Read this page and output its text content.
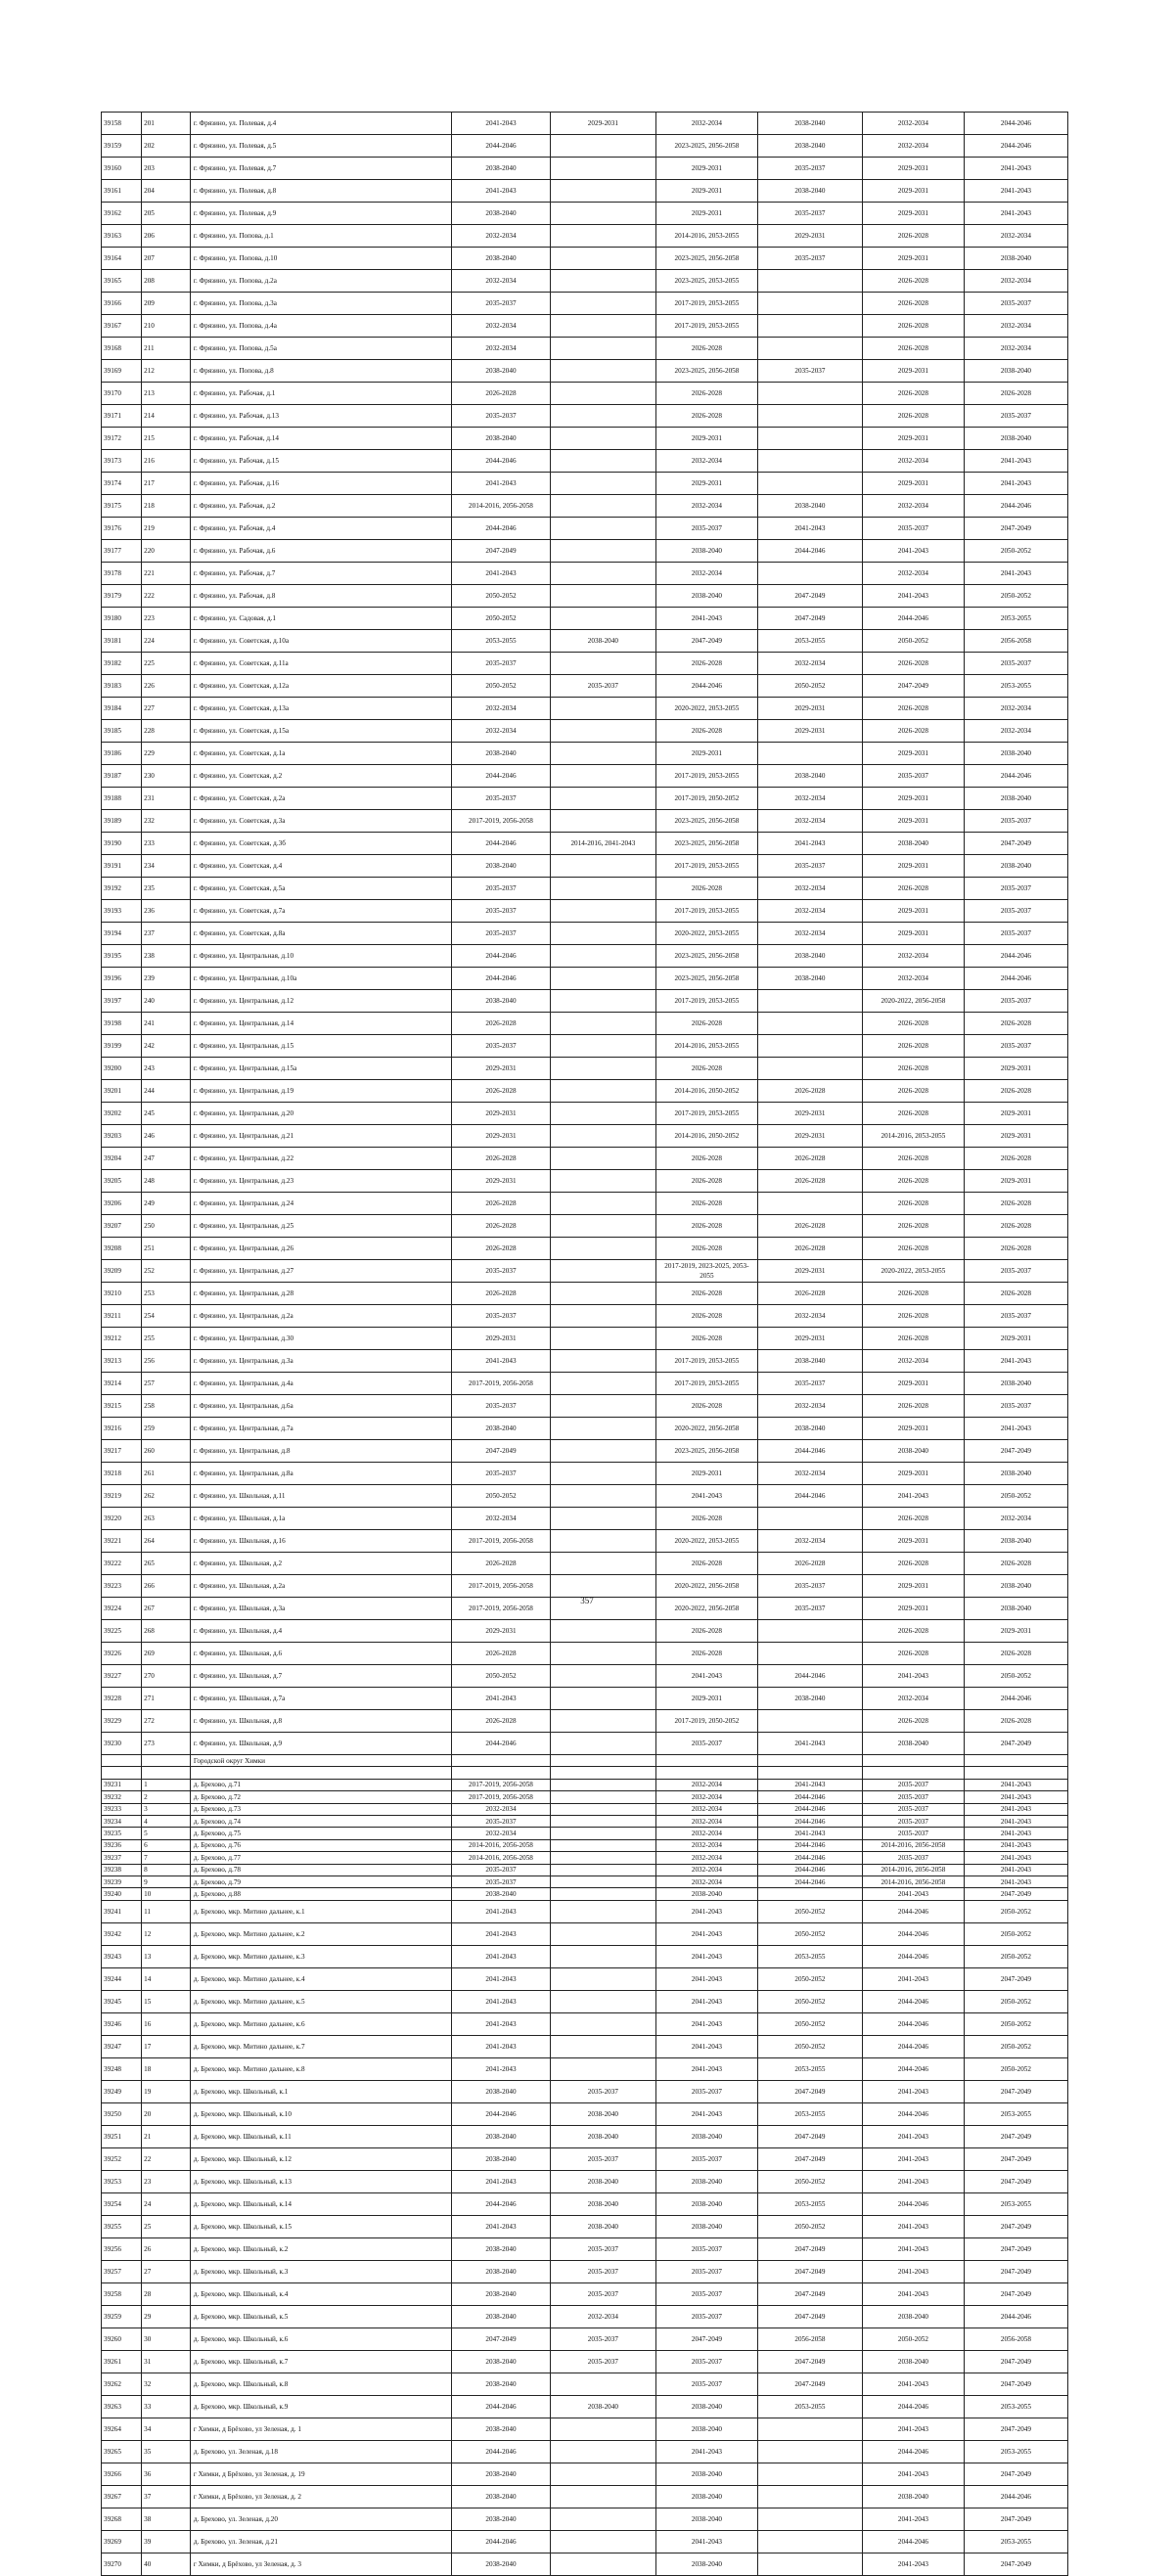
39158	201	г. Фрязино, ул. Полевая, д.4	2041-2043	2029-2031	2032-2034	2038-2040	2032-2034	2044-2046
39159	202	г. Фрязино, ул. Полевая, д.5	2044-2046		2023-2025, 2056-2058	2038-2040	2032-2034	2044-2046
39160	203	г. Фрязино, ул. Полевая, д.7	2038-2040		2029-2031	2035-2037	2029-2031	2041-2043
39161	204	г. Фрязино, ул. Полевая, д.8	2041-2043		2029-2031	2038-2040	2029-2031	2041-2043
39162	205	г. Фрязино, ул. Полевая, д.9	2038-2040		2029-2031	2035-2037	2029-2031	2041-2043
39163	206	г. Фрязино, ул. Попова, д.1	2032-2034		2014-2016, 2053-2055	2029-2031	2026-2028	2032-2034
39164	207	г. Фрязино, ул. Попова, д.10	2038-2040		2023-2025, 2056-2058	2035-2037	2029-2031	2038-2040
39165	208	г. Фрязино, ул. Попова, д.2а	2032-2034		2023-2025, 2053-2055		2026-2028	2032-2034
39166	209	г. Фрязино, ул. Попова, д.3а	2035-2037		2017-2019, 2053-2055		2026-2028	2035-2037
39167	210	г. Фрязино, ул. Попова, д.4а	2032-2034		2017-2019, 2053-2055		2026-2028	2032-2034
39168	211	г. Фрязино, ул. Попова, д.5а	2032-2034		2026-2028		2026-2028	2032-2034
39169	212	г. Фрязино, ул. Попова, д.8	2038-2040		2023-2025, 2056-2058	2035-2037	2029-2031	2038-2040
39170	213	г. Фрязино, ул. Рабочая, д.1	2026-2028		2026-2028		2026-2028	2026-2028
39171	214	г. Фрязино, ул. Рабочая, д.13	2035-2037		2026-2028		2026-2028	2035-2037
39172	215	г. Фрязино, ул. Рабочая, д.14	2038-2040		2029-2031		2029-2031	2038-2040
39173	216	г. Фрязино, ул. Рабочая, д.15	2044-2046		2032-2034		2032-2034	2041-2043
39174	217	г. Фрязино, ул. Рабочая, д.16	2041-2043		2029-2031		2029-2031	2041-2043
39175	218	г. Фрязино, ул. Рабочая, д.2	2014-2016, 2056-2058		2032-2034	2038-2040	2032-2034	2044-2046
39176	219	г. Фрязино, ул. Рабочая, д.4	2044-2046		2035-2037	2041-2043	2035-2037	2047-2049
39177	220	г. Фрязино, ул. Рабочая, д.6	2047-2049		2038-2040	2044-2046	2041-2043	2050-2052
39178	221	г. Фрязино, ул. Рабочая, д.7	2041-2043		2032-2034		2032-2034	2041-2043
39179	222	г. Фрязино, ул. Рабочая, д.8	2050-2052		2038-2040	2047-2049	2041-2043	2050-2052
39180	223	г. Фрязино, ул. Садовая, д.1	2050-2052		2041-2043	2047-2049	2044-2046	2053-2055
39181	224	г. Фрязино, ул. Советская, д.10а	2053-2055	2038-2040	2047-2049	2053-2055	2050-2052	2056-2058
39182	225	г. Фрязино, ул. Советская, д.11а	2035-2037		2026-2028	2032-2034	2026-2028	2035-2037
39183	226	г. Фрязино, ул. Советская, д.12а	2050-2052	2035-2037	2044-2046	2050-2052	2047-2049	2053-2055
39184	227	г. Фрязино, ул. Советская, д.13а	2032-2034		2020-2022, 2053-2055	2029-2031	2026-2028	2032-2034
39185	228	г. Фрязино, ул. Советская, д.15а	2032-2034		2026-2028	2029-2031	2026-2028	2032-2034
39186	229	г. Фрязино, ул. Советская, д.1а	2038-2040		2029-2031		2029-2031	2038-2040
39187	230	г. Фрязино, ул. Советская, д.2	2044-2046		2017-2019, 2053-2055	2038-2040	2035-2037	2044-2046
39188	231	г. Фрязино, ул. Советская, д.2а	2035-2037		2017-2019, 2050-2052	2032-2034	2029-2031	2038-2040
39189	232	г. Фрязино, ул. Советская, д.3а	2017-2019, 2056-2058		2023-2025, 2056-2058	2032-2034	2029-2031	2035-2037
39190	233	г. Фрязино, ул. Советская, д.3б	2044-2046	2014-2016, 2041-2043	2023-2025, 2056-2058	2041-2043	2038-2040	2047-2049
39191	234	г. Фрязино, ул. Советская, д.4	2038-2040		2017-2019, 2053-2055	2035-2037	2029-2031	2038-2040
39192	235	г. Фрязино, ул. Советская, д.5а	2035-2037		2026-2028	2032-2034	2026-2028	2035-2037
39193	236	г. Фрязино, ул. Советская, д.7а	2035-2037		2017-2019, 2053-2055	2032-2034	2029-2031	2035-2037
39194	237	г. Фрязино, ул. Советская, д.8а	2035-2037		2020-2022, 2053-2055	2032-2034	2029-2031	2035-2037
39195	238	г. Фрязино, ул. Центральная, д.10	2044-2046		2023-2025, 2056-2058	2038-2040	2032-2034	2044-2046
39196	239	г. Фрязино, ул. Центральная, д.10а	2044-2046		2023-2025, 2056-2058	2038-2040	2032-2034	2044-2046
39197	240	г. Фрязино, ул. Центральная, д.12	2038-2040		2017-2019, 2053-2055		2020-2022, 2056-2058	2035-2037
39198	241	г. Фрязино, ул. Центральная, д.14	2026-2028		2026-2028		2026-2028	2026-2028
39199	242	г. Фрязино, ул. Центральная, д.15	2035-2037		2014-2016, 2053-2055		2026-2028	2035-2037
39200	243	г. Фрязино, ул. Центральная, д.15а	2029-2031		2026-2028		2026-2028	2029-2031
39201	244	г. Фрязино, ул. Центральная, д.19	2026-2028		2014-2016, 2050-2052	2026-2028	2026-2028	2026-2028
39202	245	г. Фрязино, ул. Центральная, д.20	2029-2031		2017-2019, 2053-2055	2029-2031	2026-2028	2029-2031
39203	246	г. Фрязино, ул. Центральная, д.21	2029-2031		2014-2016, 2050-2052	2029-2031	2014-2016, 2053-2055	2029-2031
39204	247	г. Фрязино, ул. Центральная, д.22	2026-2028		2026-2028	2026-2028	2026-2028	2026-2028
39205	248	г. Фрязино, ул. Центральная, д.23	2029-2031		2026-2028	2026-2028	2026-2028	2029-2031
39206	249	г. Фрязино, ул. Центральная, д.24	2026-2028		2026-2028		2026-2028	2026-2028
39207	250	г. Фрязино, ул. Центральная, д.25	2026-2028		2026-2028	2026-2028	2026-2028	2026-2028
39208	251	г. Фрязино, ул. Центральная, д.26	2026-2028		2026-2028	2026-2028	2026-2028	2026-2028
39209	252	г. Фрязино, ул. Центральная, д.27	2035-2037		2017-2019, 2023-2025, 2053-2055	2029-2031	2020-2022, 2053-2055	2035-2037
39210	253	г. Фрязино, ул. Центральная, д.28	2026-2028		2026-2028	2026-2028	2026-2028	2026-2028
39211	254	г. Фрязино, ул. Центральная, д.2а	2035-2037		2026-2028	2032-2034	2026-2028	2035-2037
39212	255	г. Фрязино, ул. Центральная, д.30	2029-2031		2026-2028	2029-2031	2026-2028	2029-2031
39213	256	г. Фрязино, ул. Центральная, д.3а	2041-2043		2017-2019, 2053-2055	2038-2040	2032-2034	2041-2043
39214	257	г. Фрязино, ул. Центральная, д.4а	2017-2019, 2056-2058		2017-2019, 2053-2055	2035-2037	2029-2031	2038-2040
39215	258	г. Фрязино, ул. Центральная, д.6а	2035-2037		2026-2028	2032-2034	2026-2028	2035-2037
39216	259	г. Фрязино, ул. Центральная, д.7а	2038-2040		2020-2022, 2056-2058	2038-2040	2029-2031	2041-2043
39217	260	г. Фрязино, ул. Центральная, д.8	2047-2049		2023-2025, 2056-2058	2044-2046	2038-2040	2047-2049
39218	261	г. Фрязино, ул. Центральная, д.8а	2035-2037		2029-2031	2032-2034	2029-2031	2038-2040
39219	262	г. Фрязино, ул. Школьная, д.11	2050-2052		2041-2043	2044-2046	2041-2043	2050-2052
39220	263	г. Фрязино, ул. Школьная, д.1а	2032-2034		2026-2028		2026-2028	2032-2034
39221	264	г. Фрязино, ул. Школьная, д.16	2017-2019, 2056-2058		2020-2022, 2053-2055	2032-2034	2029-2031	2038-2040
39222	265	г. Фрязино, ул. Школьная, д.2	2026-2028		2026-2028	2026-2028	2026-2028	2026-2028
39223	266	г. Фрязино, ул. Школьная, д.2а	2017-2019, 2056-2058		2020-2022, 2056-2058	2035-2037	2029-2031	2038-2040
39224	267	г. Фрязино, ул. Школьная, д.3а	2017-2019, 2056-2058		2020-2022, 2056-2058	2035-2037	2029-2031	2038-2040
39225	268	г. Фрязино, ул. Школьная, д.4	2029-2031		2026-2028		2026-2028	2029-2031
39226	269	г. Фрязино, ул. Школьная, д.6	2026-2028		2026-2028		2026-2028	2026-2028
39227	270	г. Фрязино, ул. Школьная, д.7	2050-2052		2041-2043	2044-2046	2041-2043	2050-2052
39228	271	г. Фрязино, ул. Школьная, д.7а	2041-2043		2029-2031	2038-2040	2032-2034	2044-2046
39229	272	г. Фрязино, ул. Школьная, д.8	2026-2028		2017-2019, 2050-2052		2026-2028	2026-2028
39230	273	г. Фрязино, ул. Школьная, д.9	2044-2046		2035-2037	2041-2043	2038-2040	2047-2049
		Городской округ Химки						

39231	1	д. Брехово, д.71	2017-2019, 2056-2058		2032-2034	2041-2043	2035-2037	2041-2043
39232	2	д. Брехово, д.72	2017-2019, 2056-2058		2032-2034	2044-2046	2035-2037	2041-2043
39233	3	д. Брехово, д.73	2032-2034		2032-2034	2044-2046	2035-2037	2041-2043
39234	4	д. Брехово, д.74	2035-2037		2032-2034	2044-2046	2035-2037	2041-2043
39235	5	д. Брехово, д.75	2032-2034		2032-2034	2041-2043	2035-2037	2041-2043
39236	6	д. Брехово, д.76	2014-2016, 2056-2058		2032-2034	2044-2046	2014-2016, 2056-2058	2041-2043
39237	7	д. Брехово, д.77	2014-2016, 2056-2058		2032-2034	2044-2046	2035-2037	2041-2043
39238	8	д. Брехово, д.78	2035-2037		2032-2034	2044-2046	2014-2016, 2056-2058	2041-2043
39239	9	д. Брехово, д.79	2035-2037		2032-2034	2044-2046	2014-2016, 2056-2058	2041-2043
39240	10	д. Брехово, д.88	2038-2040		2038-2040		2041-2043	2047-2049
39241	11	д. Брехово, мкр. Митино дальнее, к.1	2041-2043		2041-2043	2050-2052	2044-2046	2050-2052
39242	12	д. Брехово, мкр. Митино дальнее, к.2	2041-2043		2041-2043	2050-2052	2044-2046	2050-2052
39243	13	д. Брехово, мкр. Митино дальнее, к.3	2041-2043		2041-2043	2053-2055	2044-2046	2050-2052
39244	14	д. Брехово, мкр. Митино дальнее, к.4	2041-2043		2041-2043	2050-2052	2041-2043	2047-2049
39245	15	д. Брехово, мкр. Митино дальнее, к.5	2041-2043		2041-2043	2050-2052	2044-2046	2050-2052
39246	16	д. Брехово, мкр. Митино дальнее, к.6	2041-2043		2041-2043	2050-2052	2044-2046	2050-2052
39247	17	д. Брехово, мкр. Митино дальнее, к.7	2041-2043		2041-2043	2050-2052	2044-2046	2050-2052
39248	18	д. Брехово, мкр. Митино дальнее, к.8	2041-2043		2041-2043	2053-2055	2044-2046	2050-2052
39249	19	д. Брехово, мкр. Школьный, к.1	2038-2040	2035-2037	2035-2037	2047-2049	2041-2043	2047-2049
39250	20	д. Брехово, мкр. Школьный, к.10	2044-2046	2038-2040	2041-2043	2053-2055	2044-2046	2053-2055
39251	21	д. Брехово, мкр. Школьный, к.11	2038-2040	2038-2040	2038-2040	2047-2049	2041-2043	2047-2049
39252	22	д. Брехово, мкр. Школьный, к.12	2038-2040	2035-2037	2035-2037	2047-2049	2041-2043	2047-2049
39253	23	д. Брехово, мкр. Школьный, к.13	2041-2043	2038-2040	2038-2040	2050-2052	2041-2043	2047-2049
39254	24	д. Брехово, мкр. Школьный, к.14	2044-2046	2038-2040	2038-2040	2053-2055	2044-2046	2053-2055
39255	25	д. Брехово, мкр. Школьный, к.15	2041-2043	2038-2040	2038-2040	2050-2052	2041-2043	2047-2049
39256	26	д. Брехово, мкр. Школьный, к.2	2038-2040	2035-2037	2035-2037	2047-2049	2041-2043	2047-2049
39257	27	д. Брехово, мкр. Школьный, к.3	2038-2040	2035-2037	2035-2037	2047-2049	2041-2043	2047-2049
39258	28	д. Брехово, мкр. Школьный, к.4	2038-2040	2035-2037	2035-2037	2047-2049	2041-2043	2047-2049
39259	29	д. Брехово, мкр. Школьный, к.5	2038-2040	2032-2034	2035-2037	2047-2049	2038-2040	2044-2046
39260	30	д. Брехово, мкр. Школьный, к.6	2047-2049	2035-2037	2047-2049	2056-2058	2050-2052	2056-2058
39261	31	д. Брехово, мкр. Школьный, к.7	2038-2040	2035-2037	2035-2037	2047-2049	2038-2040	2047-2049
39262	32	д. Брехово, мкр. Школьный, к.8	2038-2040		2035-2037	2047-2049	2041-2043	2047-2049
39263	33	д. Брехово, мкр. Школьный, к.9	2044-2046	2038-2040	2038-2040	2053-2055	2044-2046	2053-2055
39264	34	г Химки, д Брёхово, ул Зеленая, д. 1	2038-2040		2038-2040		2041-2043	2047-2049
39265	35	д. Брехово, ул. Зеленая, д.18	2044-2046		2041-2043		2044-2046	2053-2055
39266	36	г Химки, д Брёхово, ул Зеленая, д. 19	2038-2040		2038-2040		2041-2043	2047-2049
39267	37	г Химки, д Брёхово, ул Зеленая, д. 2	2038-2040		2038-2040		2038-2040	2044-2046
39268	38	д. Брехово, ул. Зеленая, д.20	2038-2040		2038-2040		2041-2043	2047-2049
39269	39	д. Брехово, ул. Зеленая, д.21	2044-2046		2041-2043		2044-2046	2053-2055
39270	40	г Химки, д Брёхово, ул Зеленая, д. 3	2038-2040		2038-2040		2041-2043	2047-2049
357
